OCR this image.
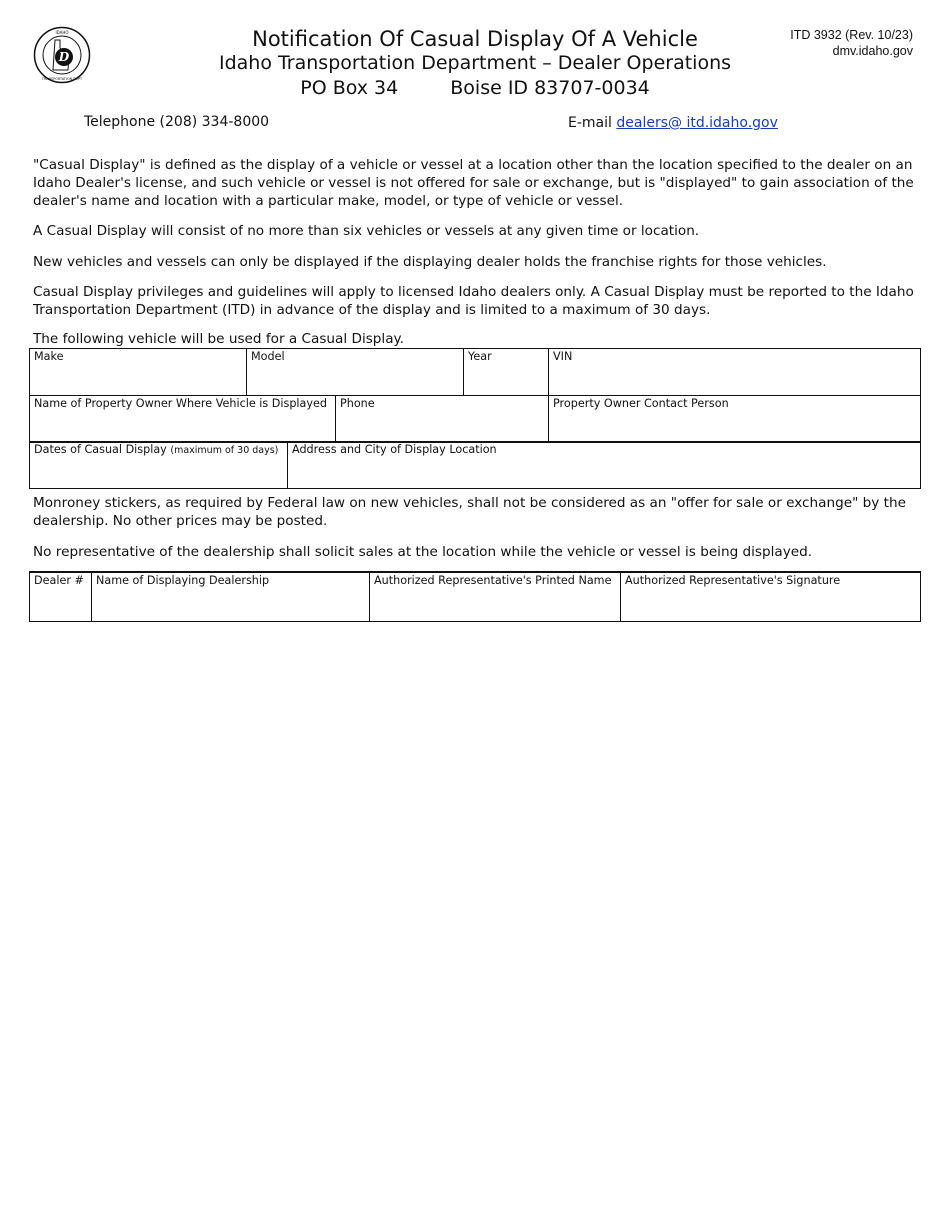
D
IDAHO
TRANSPORTATION DEPT
Notification Of Casual Display Of A Vehicle
Idaho Transportation Department – Dealer Operations
PO Box 34	Boise ID 83707-0034
ITD 3932 (Rev. 10/23)
dmv.idaho.gov
Telephone (208) 334-8000	E-mail dealers@ itd.idaho.gov

"Casual Display" is defined as the display of a vehicle or vessel at a location other than the location specified to the dealer on an Idaho Dealer's license, and such vehicle or vessel is not offered for sale or exchange, but is "displayed" to gain association of the dealer's name and location with a particular make, model, or type of vehicle or vessel.

A Casual Display will consist of no more than six vehicles or vessels at any given time or location.

New vehicles and vessels can only be displayed if the displaying dealer holds the franchise rights for those vehicles.

Casual Display privileges and guidelines will apply to licensed Idaho dealers only. A Casual Display must be reported to the Idaho Transportation Department (ITD) in advance of the display and is limited to a maximum of 30 days.

The following vehicle will be used for a Casual Display.

Make	Model	Year	VIN
Name of Property Owner Where Vehicle is Displayed	Phone	Property Owner Contact Person
Dates of Casual Display (maximum of 30 days)	Address and City of Display Location

Monroney stickers, as required by Federal law on new vehicles, shall not be considered as an "offer for sale or exchange" by the dealership. No other prices may be posted.

No representative of the dealership shall solicit sales at the location while the vehicle or vessel is being displayed.

Dealer #	Name of Displaying Dealership	Authorized Representative's Printed Name	Authorized Representative's Signature
